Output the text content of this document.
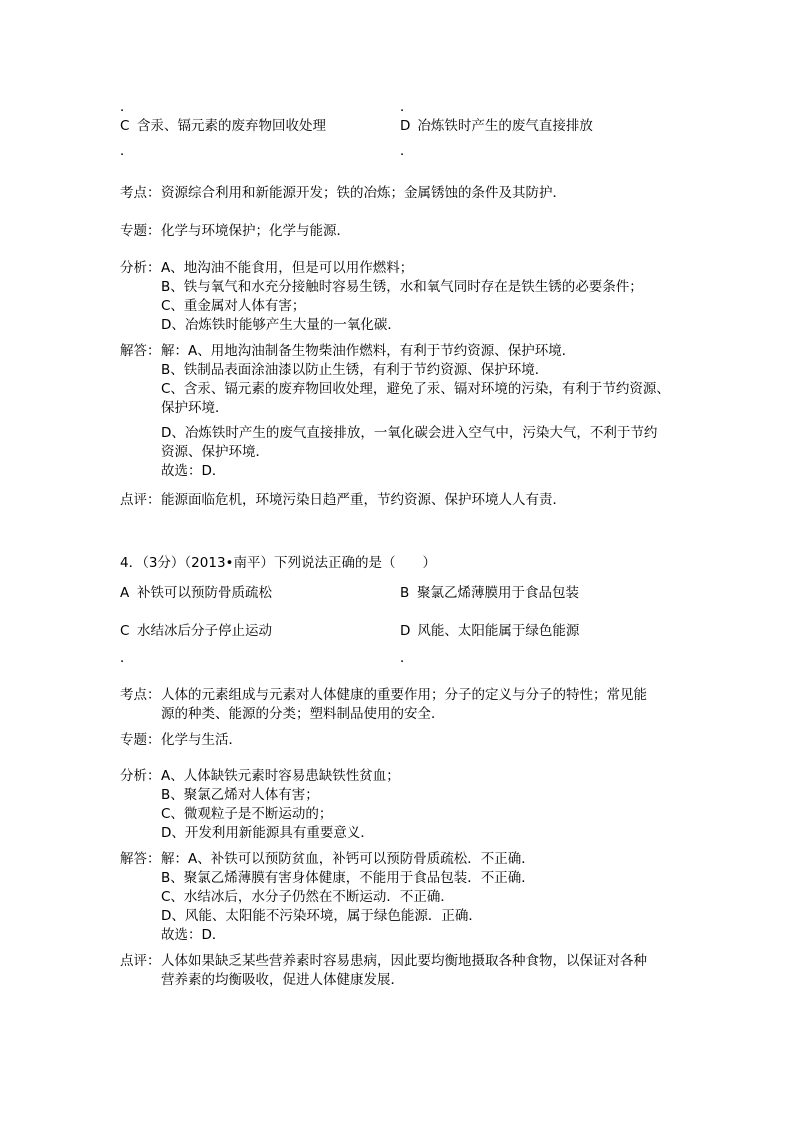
．	．
C 含汞、镉元素的废弃物回收处理	D 冶炼铁时产生的废气直接排放
．	．
考点： 资源综合利用和新能源开发；铁的冶炼；金属锈蚀的条件及其防护．
专题： 化学与环境保护；化学与能源．
分析： A、地沟油不能食用，但是可以用作燃料；
B、铁与氧气和水充分接触时容易生锈，水和氧气同时存在是铁生锈的必要条件；
C、重金属对人体有害；
D、冶炼铁时能够产生大量的一氧化碳．
解答： 解：A、用地沟油制备生物柴油作燃料，有利于节约资源、保护环境．
B、铁制品表面涂油漆以防止生锈，有利于节约资源、保护环境．
C、含汞、镉元素的废弃物回收处理，避免了汞、镉对环境的污染，有利于节约资源、
保护环境．
D、冶炼铁时产生的废气直接排放，一氧化碳会进入空气中，污染大气，不利于节约
资源、保护环境．
故选：D．
点评： 能源面临危机，环境污染日趋严重，节约资源、保护环境人人有责．
4．（3分）（2013•南平）下列说法正确的是（　　）
A 补铁可以预防骨质疏松	B 聚氯乙烯薄膜用于食品包装
C 水结冰后分子停止运动	D 风能、太阳能属于绿色能源
．	．
考点： 人体的元素组成与元素对人体健康的重要作用；分子的定义与分子的特性；常见能
源的种类、能源的分类；塑料制品使用的安全．
专题： 化学与生活．
分析： A、人体缺铁元素时容易患缺铁性贫血；
B、聚氯乙烯对人体有害；
C、微观粒子是不断运动的；
D、开发利用新能源具有重要意义．
解答： 解：A、补铁可以预防贫血，补钙可以预防骨质疏松．不正确．
B、聚氯乙烯薄膜有害身体健康，不能用于食品包装．不正确．
C、水结冰后，水分子仍然在不断运动．不正确．
D、风能、太阳能不污染环境，属于绿色能源．正确．
故选：D．
点评： 人体如果缺乏某些营养素时容易患病，因此要均衡地摄取各种食物，以保证对各种
营养素的均衡吸收，促进人体健康发展．
